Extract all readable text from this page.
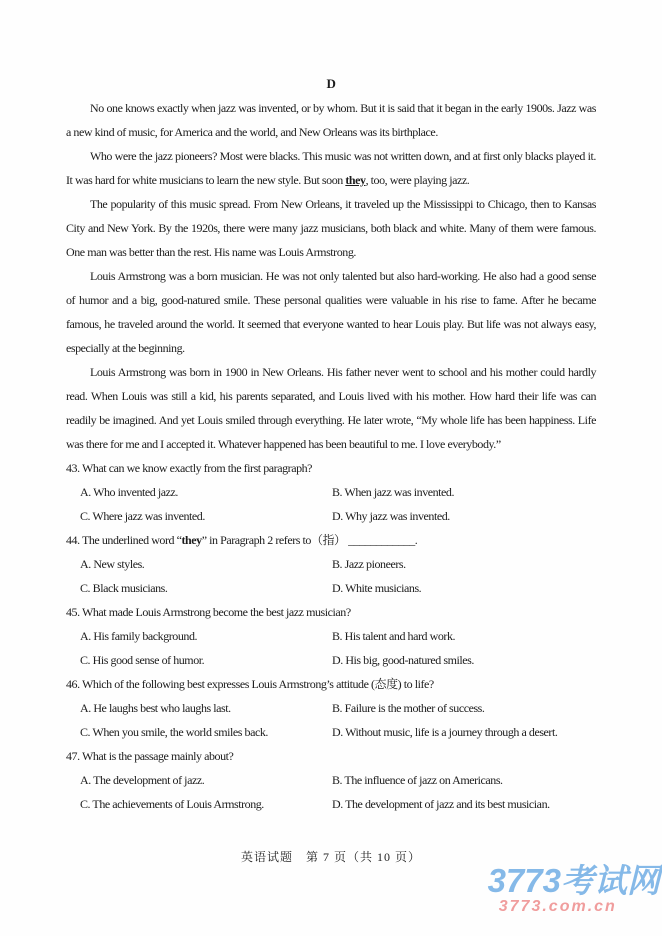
D

No one knows exactly when jazz was invented, or by whom. But it is said that it began in the early 1900s. Jazz was a new kind of music, for America and the world, and New Orleans was its birthplace.

Who were the jazz pioneers? Most were blacks. This music was not written down, and at first only blacks played it. It was hard for white musicians to learn the new style. But soon they, too, were playing jazz.

The popularity of this music spread. From New Orleans, it traveled up the Mississippi to Chicago, then to Kansas City and New York. By the 1920s, there were many jazz musicians, both black and white. Many of them were famous. One man was better than the rest. His name was Louis Armstrong.

Louis Armstrong was a born musician. He was not only talented but also hard-working. He also had a good sense of humor and a big, good-natured smile. These personal qualities were valuable in his rise to fame. After he became famous, he traveled around the world. It seemed that everyone wanted to hear Louis play. But life was not always easy, especially at the beginning.

Louis Armstrong was born in 1900 in New Orleans. His father never went to school and his mother could hardly read. When Louis was still a kid, his parents separated, and Louis lived with his mother. How hard their life was can readily be imagined. And yet Louis smiled through everything. He later wrote, “My whole life has been happiness. Life was there for me and I accepted it. Whatever happened has been beautiful to me. I love everybody.”

43. What can we know exactly from the first paragraph?
A. Who invented jazz.	B. When jazz was invented.
C. Where jazz was invented.	D. Why jazz was invented.
44. The underlined word “they” in Paragraph 2 refers to（指） ____________.
A. New styles.	B. Jazz pioneers.
C. Black musicians.	D. White musicians.
45. What made Louis Armstrong become the best jazz musician?
A. His family background.	B. His talent and hard work.
C. His good sense of humor.	D. His big, good-natured smiles.
46. Which of the following best expresses Louis Armstrong’s attitude (态度) to life?
A. He laughs best who laughs last.	B. Failure is the mother of success.
C. When you smile, the world smiles back.	D. Without music, life is a journey through a desert.
47. What is the passage mainly about?
A. The development of jazz.	B. The influence of jazz on Americans.
C. The achievements of Louis Armstrong.	D. The development of jazz and its best musician.
英语试题　第 7 页（共 10 页）
3773考试网
3773.com.cn
